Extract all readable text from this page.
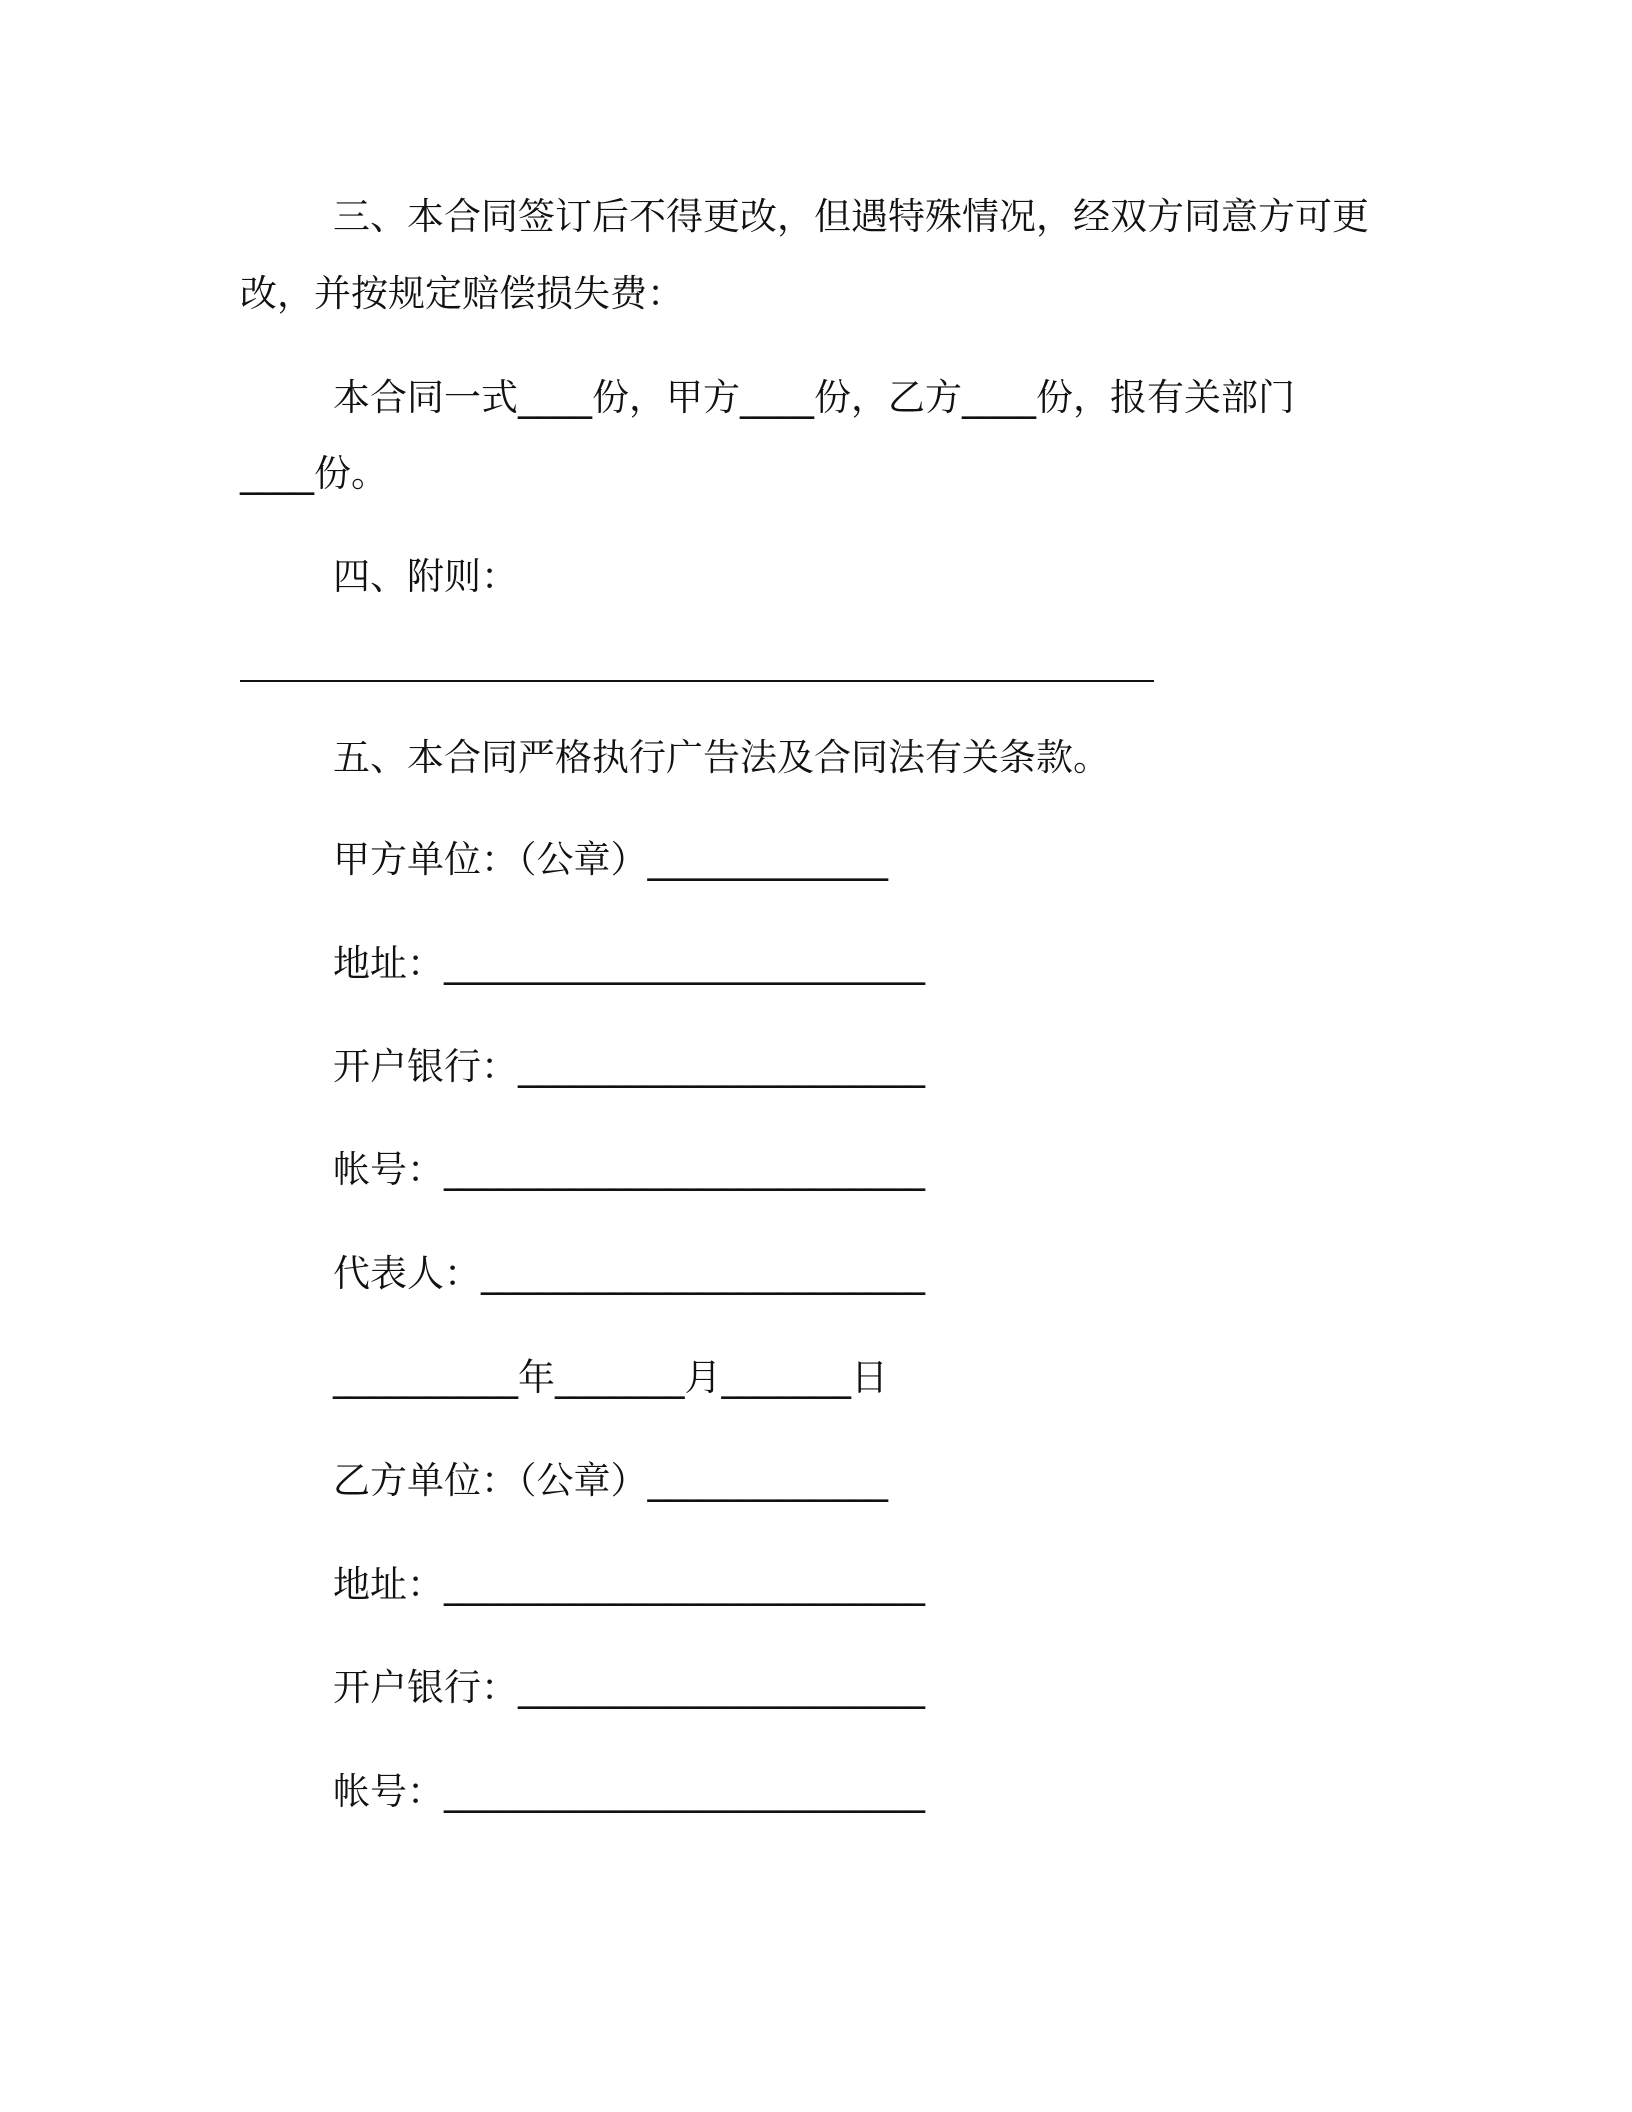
三、本合同签订后不得更改，但遇特殊情况，经双方同意方可更
改，并按规定赔偿损失费：
本合同一式____份，甲方____份，乙方____份，报有关部门
____份。
四、附则：
五、本合同严格执行广告法及合同法有关条款。
甲方单位：（公章）_____________
地址：__________________________
开户银行：______________________
帐号：__________________________
代表人：________________________
__________年_______月_______日
乙方单位：（公章）_____________
地址：__________________________
开户银行：______________________
帐号：__________________________
